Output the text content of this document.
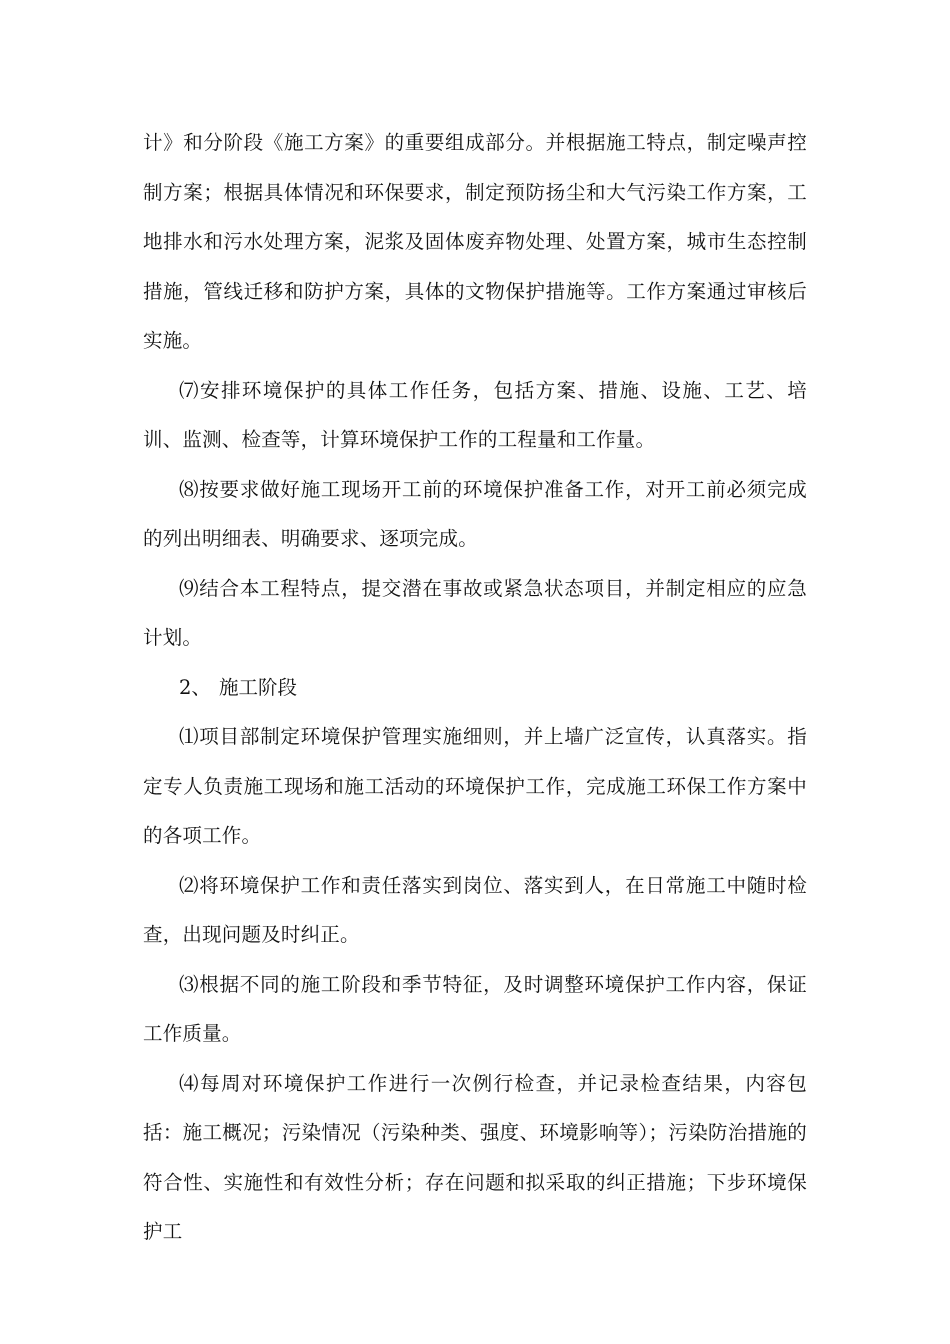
计》和分阶段《施工方案》的重要组成部分。并根据施工特点，制定噪声控制方案；根据具体情况和环保要求，制定预防扬尘和大气污染工作方案，工地排水和污水处理方案，泥浆及固体废弃物处理、处置方案，城市生态控制措施，管线迁移和防护方案，具体的文物保护措施等。工作方案通过审核后实施。

⑺安排环境保护的具体工作任务，包括方案、措施、设施、工艺、培训、监测、检查等，计算环境保护工作的工程量和工作量。

⑻按要求做好施工现场开工前的环境保护准备工作，对开工前必须完成的列出明细表、明确要求、逐项完成。

⑼结合本工程特点，提交潜在事故或紧急状态项目，并制定相应的应急计划。

2、 施工阶段

⑴项目部制定环境保护管理实施细则，并上墙广泛宣传，认真落实。指定专人负责施工现场和施工活动的环境保护工作，完成施工环保工作方案中的各项工作。

⑵将环境保护工作和责任落实到岗位、落实到人，在日常施工中随时检查，出现问题及时纠正。

⑶根据不同的施工阶段和季节特征，及时调整环境保护工作内容，保证工作质量。

⑷每周对环境保护工作进行一次例行检查，并记录检查结果，内容包括：施工概况；污染情况（污染种类、强度、环境影响等）；污染防治措施的符合性、实施性和有效性分析；存在问题和拟采取的纠正措施；下步环境保护工
